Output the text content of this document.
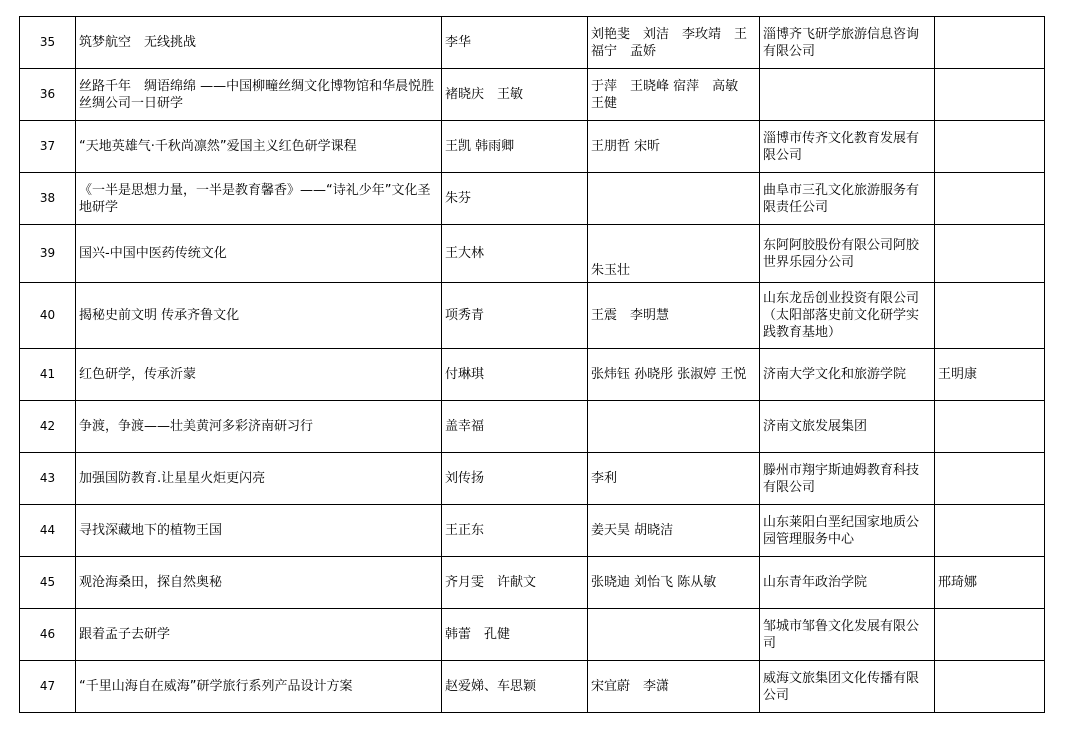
35	筑梦航空　无线挑战	李华	刘艳斐　刘洁　李玫靖　王福宁　孟娇	淄博齐飞研学旅游信息咨询有限公司	
36	丝路千年　绸语绵绵 ——中国柳疃丝绸文化博物馆和华晨悦胜丝绸公司一日研学	褚晓庆　王敏	于萍　王晓峰 宿萍　高敏　王健		
37	“天地英雄气·千秋尚凛然”爱国主义红色研学课程	王凯 韩雨卿	王朋哲 宋昕	淄博市传齐文化教育发展有限公司	
38	《一半是思想力量，一半是教育馨香》——“诗礼少年”文化圣地研学	朱芬		曲阜市三孔文化旅游服务有限责任公司	
39	国兴-中国中医药传统文化	王大林	朱玉壮	东阿阿胶股份有限公司阿胶世界乐园分公司	
40	揭秘史前文明 传承齐鲁文化	项秀青	王震　李明慧	山东龙岳创业投资有限公司（太阳部落史前文化研学实践教育基地）	
41	红色研学，传承沂蒙	付琳琪	张炜钰 孙晓彤 张淑婷 王悦	济南大学文化和旅游学院	王明康
42	争渡，争渡——壮美黄河多彩济南研习行	盖幸福		济南文旅发展集团	
43	加强国防教育.让星星火炬更闪亮	刘传扬	李利	滕州市翔宇斯迪姆教育科技有限公司	
44	寻找深藏地下的植物王国	王正东	姜天昊 胡晓洁	山东莱阳白垩纪国家地质公园管理服务中心	
45	观沧海桑田，探自然奥秘	齐月雯　许献文	张晓迪 刘怡飞 陈从敏	山东青年政治学院	邢琦娜
46	跟着孟子去研学	韩蕾　孔健		邹城市邹鲁文化发展有限公司	
47	“千里山海自在威海”研学旅行系列产品设计方案	赵爱娣、车思颖	宋宜蔚　李潇	威海文旅集团文化传播有限公司	
